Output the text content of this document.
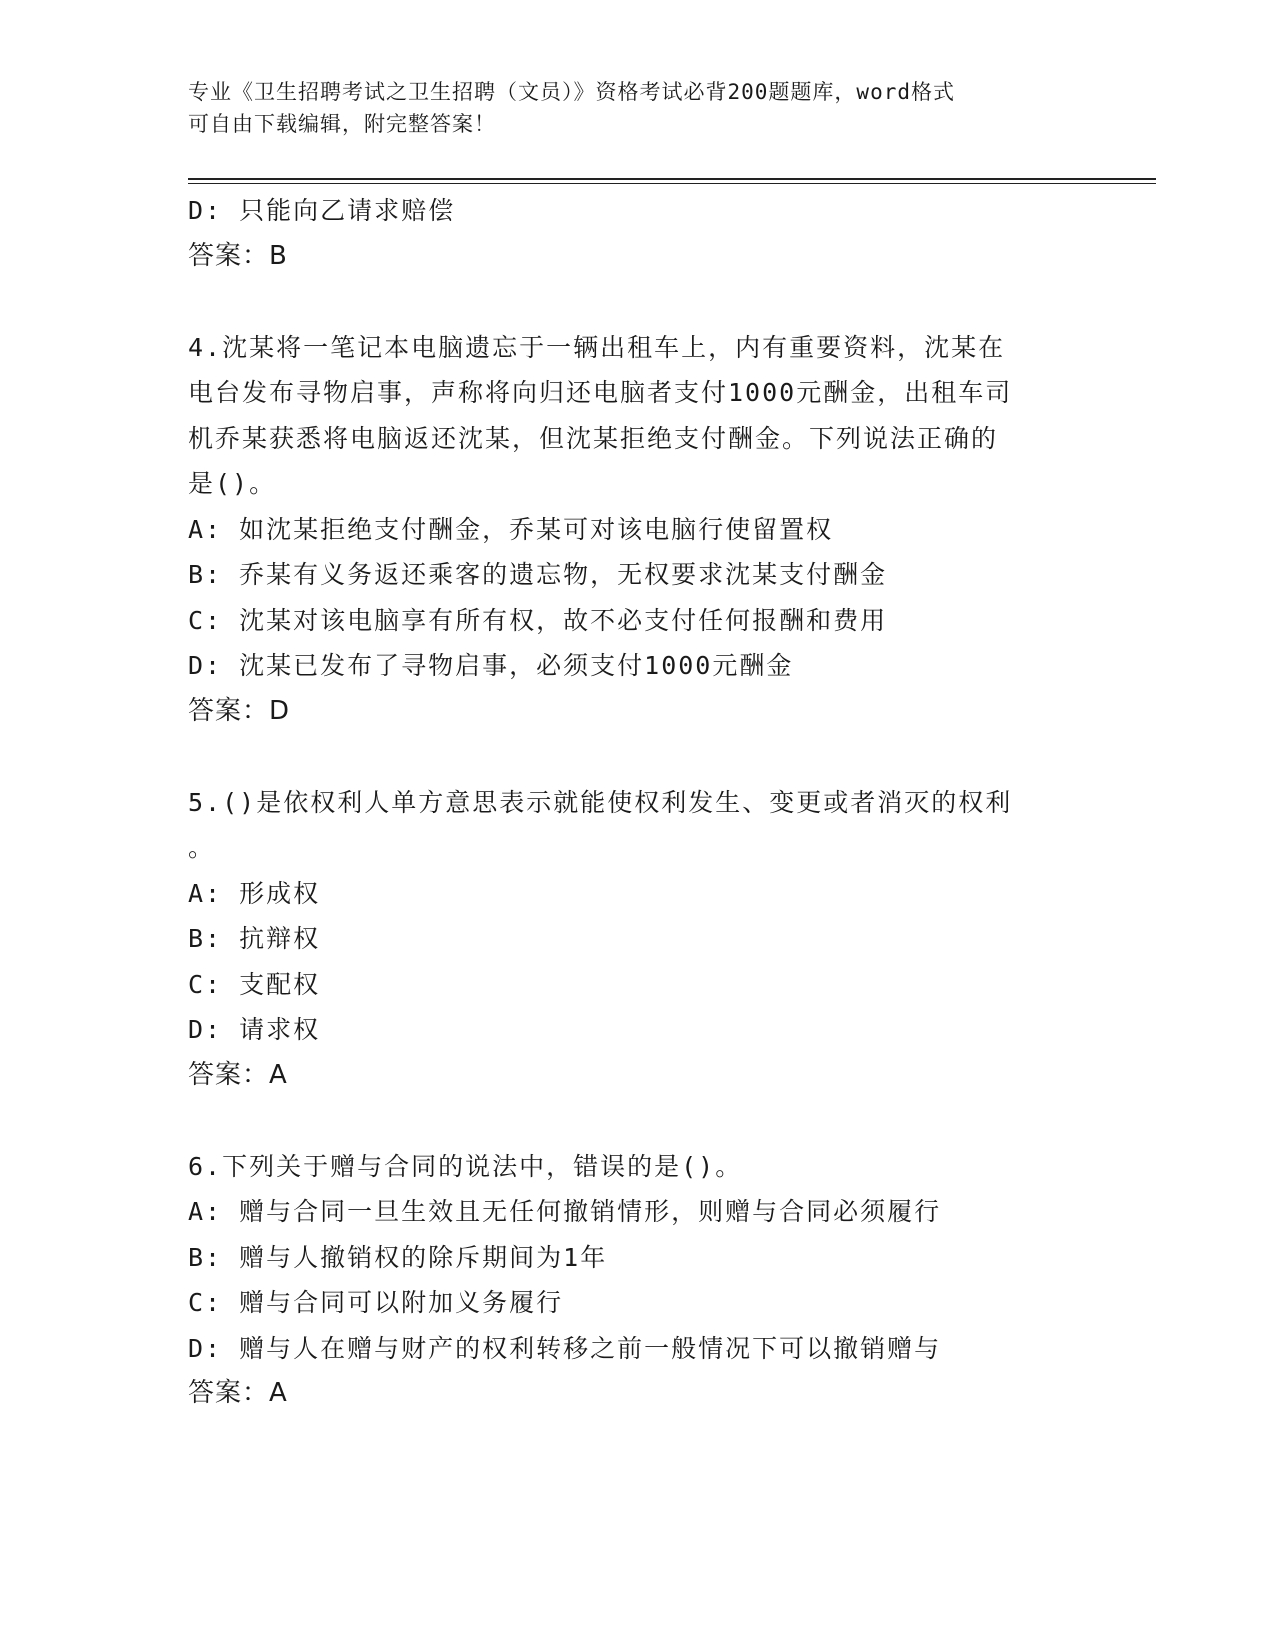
专业《卫生招聘考试之卫生招聘（文员）》资格考试必背200题题库，word格式
可自由下载编辑，附完整答案！
D: 只能向乙请求赔偿
答案：B
4.沈某将一笔记本电脑遗忘于一辆出租车上，内有重要资料，沈某在
电台发布寻物启事，声称将向归还电脑者支付1000元酬金，出租车司
机乔某获悉将电脑返还沈某，但沈某拒绝支付酬金。下列说法正确的
是()。
A: 如沈某拒绝支付酬金，乔某可对该电脑行使留置权
B: 乔某有义务返还乘客的遗忘物，无权要求沈某支付酬金
C: 沈某对该电脑享有所有权，故不必支付任何报酬和费用
D: 沈某已发布了寻物启事，必须支付1000元酬金
答案：D
5.()是依权利人单方意思表示就能使权利发生、变更或者消灭的权利
。
A: 形成权
B: 抗辩权
C: 支配权
D: 请求权
答案：A
6.下列关于赠与合同的说法中，错误的是()。
A: 赠与合同一旦生效且无任何撤销情形，则赠与合同必须履行
B: 赠与人撤销权的除斥期间为1年
C: 赠与合同可以附加义务履行
D: 赠与人在赠与财产的权利转移之前一般情况下可以撤销赠与
答案：A
